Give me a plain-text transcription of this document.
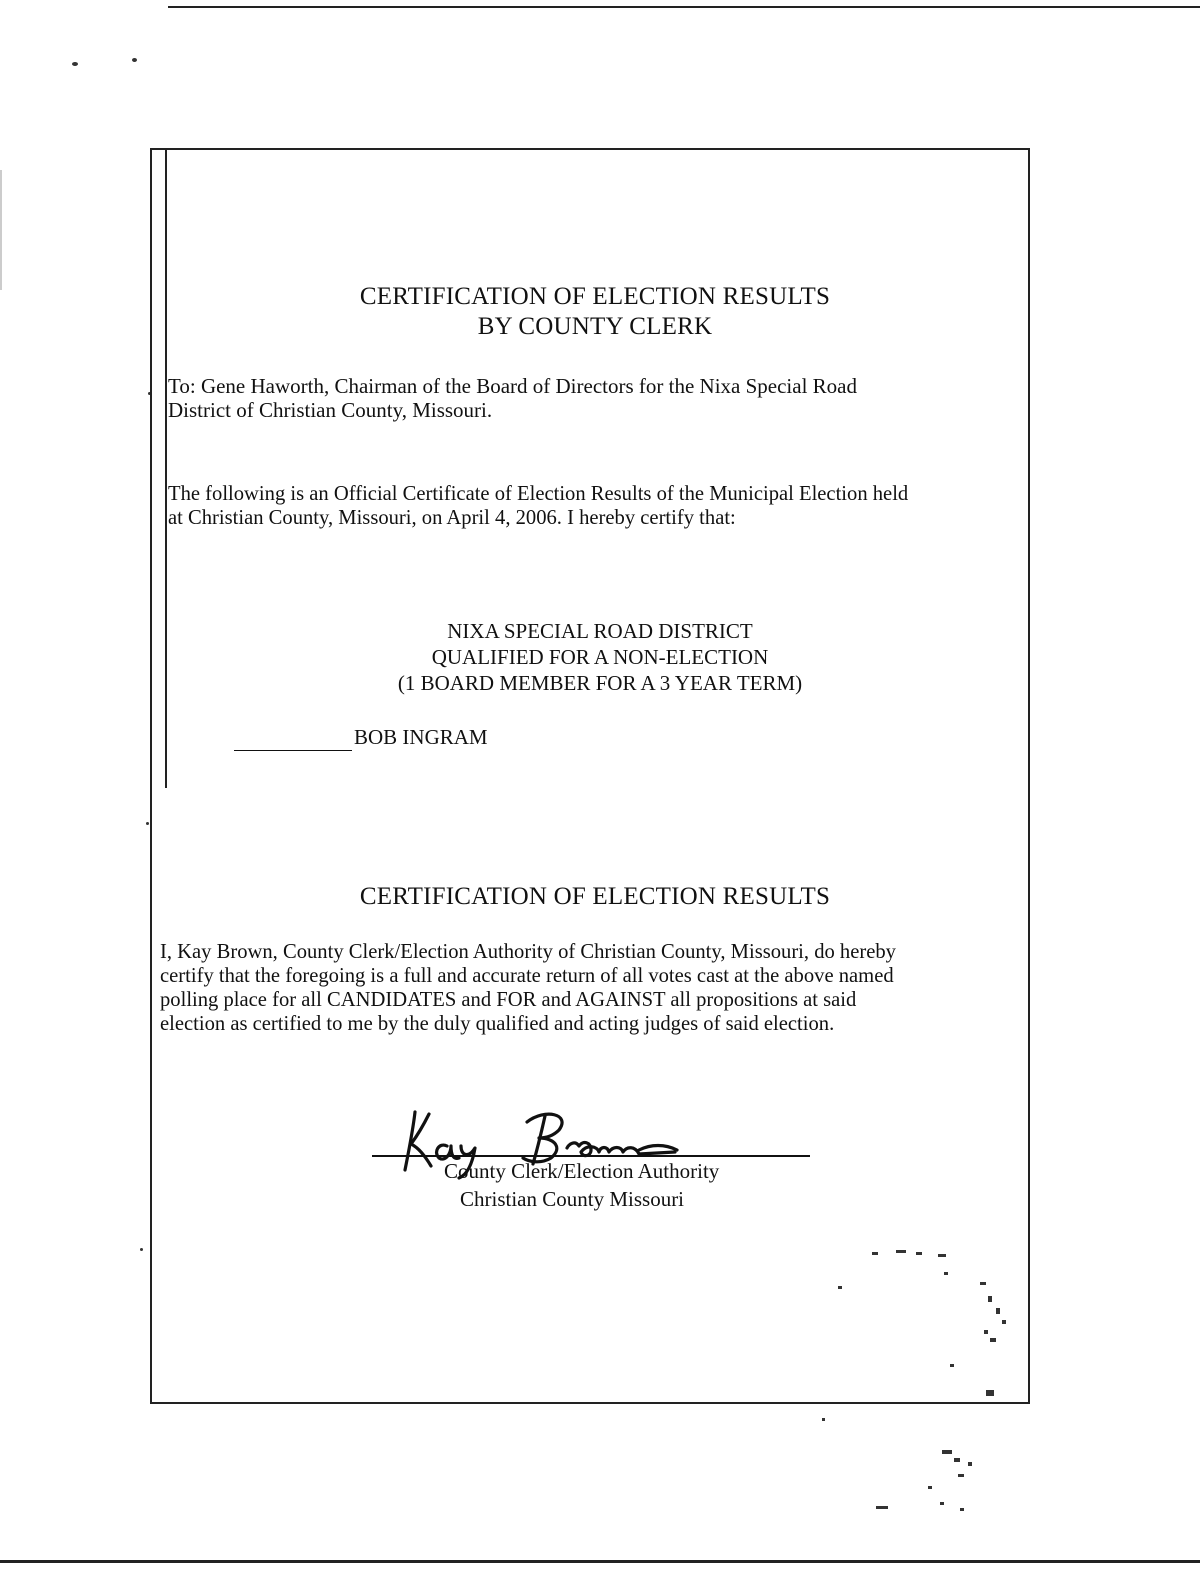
CERTIFICATION OF ELECTION RESULTS
BY COUNTY CLERK
To: Gene Haworth, Chairman of the Board of Directors for the Nixa Special Road
District of Christian County, Missouri.
The following is an Official Certificate of Election Results of the Municipal Election held
at Christian County, Missouri, on April 4, 2006. I hereby certify that:
NIXA SPECIAL ROAD DISTRICT
QUALIFIED FOR A NON-ELECTION
(1 BOARD MEMBER FOR A 3 YEAR TERM)
BOB INGRAM
CERTIFICATION OF ELECTION RESULTS
I, Kay Brown, County Clerk/Election Authority of Christian County, Missouri, do hereby
certify that the foregoing is a full and accurate return of all votes cast at the above named
polling place for all CANDIDATES and FOR and AGAINST all propositions at said
election as certified to me by the duly qualified and acting judges of said election.
County Clerk/Election Authority
Christian County Missouri
